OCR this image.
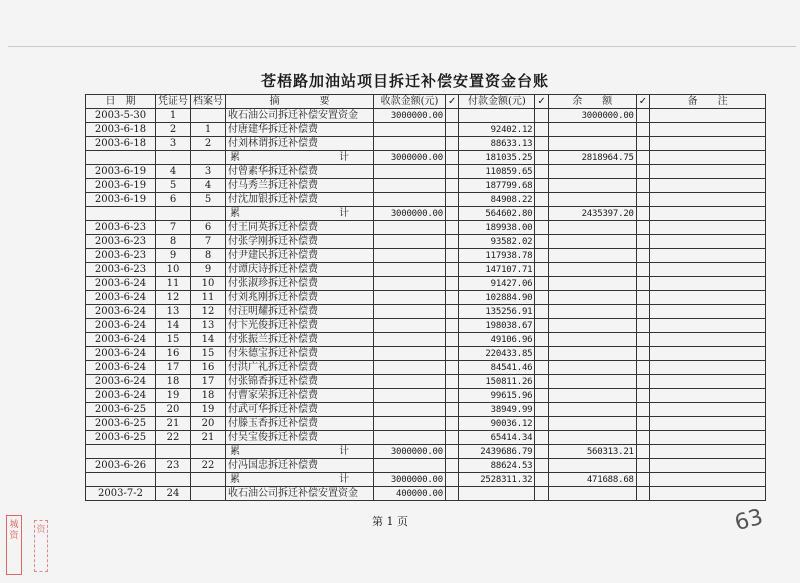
苍梧路加油站项目拆迁补偿安置资金台账
日　期	凭证号	档案号	摘　　　　要	收款金额(元)	✓	付款金额(元)	✓	余　　额	✓	备　　注
2003-5-30	1		收石油公司拆迁补偿安置资金	3000000.00				3000000.00		
2003-6-18	2	1	付唐建华拆迁补偿费			92402.12				
2003-6-18	3	2	付刘林谓拆迁补偿费			88633.13				

			累 计	3000000.00		181035.25		2818964.75		
2003-6-19	4	3	付曾素华拆迁补偿费			110859.65				
2003-6-19	5	4	付马秀兰拆迁补偿费			187799.68				
2003-6-19	6	5	付沈加银拆迁补偿费			84908.22				

			累 计	3000000.00		564602.80		2435397.20		
2003-6-23	7	6	付王同英拆迁补偿费			189938.00				
2003-6-23	8	7	付张学刚拆迁补偿费			93582.02				
2003-6-23	9	8	付尹建民拆迁补偿费			117938.78				
2003-6-23	10	9	付谭庆诗拆迁补偿费			147107.71				
2003-6-24	11	10	付张淑珍拆迁补偿费			91427.06				
2003-6-24	12	11	付刘兆刚拆迁补偿费			102884.90				
2003-6-24	13	12	付汪明耀拆迁补偿费			135256.91				
2003-6-24	14	13	付卞光俊拆迁补偿费			198038.67				
2003-6-24	15	14	付张振兰拆迁补偿费			49106.96				
2003-6-24	16	15	付朱德宝拆迁补偿费			220433.85				
2003-6-24	17	16	付洪广礼拆迁补偿费			84541.46				
2003-6-24	18	17	付张锦香拆迁补偿费			150811.26				
2003-6-24	19	18	付曹家荣拆迁补偿费			99615.96				
2003-6-25	20	19	付武可华拆迁补偿费			38949.99				
2003-6-25	21	20	付滕玉香拆迁补偿费			90036.12				
2003-6-25	22	21	付吴宝俊拆迁补偿费			65414.34				

			累 计	3000000.00		2439686.79		560313.21		
2003-6-26	23	22	付冯国忠拆迁补偿费			88624.53				

			累 计	3000000.00		2528311.32		471688.68		
2003-7-2	24		收石油公司拆迁补偿安置资金	400000.00						
第 1 页	63
城资
资
